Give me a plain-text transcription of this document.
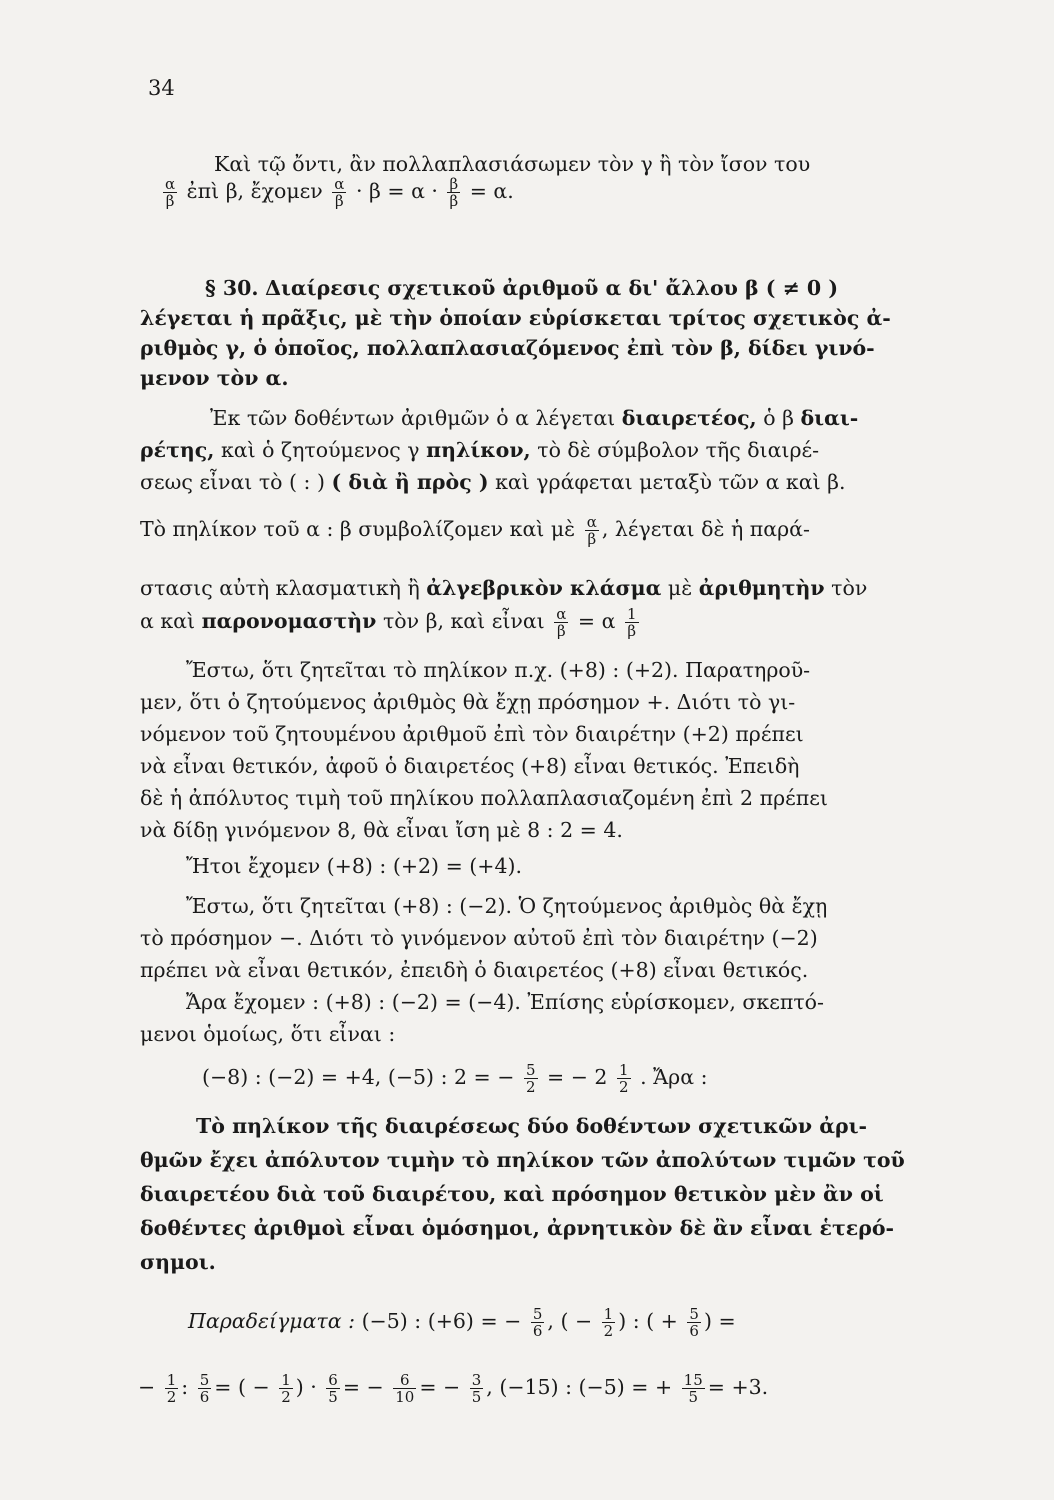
34
Καὶ τῷ ὄντι, ἂν πολλαπλασιάσωμεν τὸν γ ἢ τὸν ἴσον του
$\frac{\alpha}{\beta}$ ἐπὶ β, ἔχομεν $\frac{\alpha}{\beta} \cdot \beta = \alpha \cdot \frac{\beta}{\beta} = \alpha$.
§ 30. Διαίρεσις σχετικοῦ ἀριθμοῦ α δι' ἄλλου β ( ≠ 0 )
λέγεται ἡ πρᾶξις, μὲ τὴν ὁποίαν εὑρίσκεται τρίτος σχετικὸς ἀ-
ριθμὸς γ, ὁ ὁποῖος, πολλαπλασιαζόμενος ἐπὶ τὸν β, δίδει γινό-
μενον τὸν α.
Ἐκ τῶν δοθέντων ἀριθμῶν ὁ α λέγεται διαιρετέος, ὁ β διαι-
ρέτης, καὶ ὁ ζητούμενος γ πηλίκον, τὸ δὲ σύμβολον τῆς διαιρέ-
σεως εἶναι τὸ ( : ) ( διὰ ἢ πρὸς ) καὶ γράφεται μεταξὺ τῶν α καὶ β.
Τὸ πηλίκον τοῦ α : β συμβολίζομεν καὶ μὲ $\frac{\alpha}{\beta}$ , λέγεται δὲ ἡ παρά-
στασις αὐτὴ κλασματικὴ ἢ ἀλγεβρικὸν κλάσμα μὲ ἀριθμητὴν τὸν
α καὶ παρονομαστὴν τὸν β, καὶ εἶναι $\frac{\alpha}{\beta} = \alpha \frac{1}{\beta}$
Ἔστω, ὅτι ζητεῖται τὸ πηλίκον π.χ. (+8) : (+2). Παρατηροῦ-
μεν, ὅτι ὁ ζητούμενος ἀριθμὸς θὰ ἔχῃ πρόσημον +. Διότι τὸ γι-
νόμενον τοῦ ζητουμένου ἀριθμοῦ ἐπὶ τὸν διαιρέτην (+2) πρέπει
νὰ εἶναι θετικόν, ἀφοῦ ὁ διαιρετέος (+8) εἶναι θετικός. Ἐπειδὴ
δὲ ἡ ἀπόλυτος τιμὴ τοῦ πηλίκου πολλαπλασιαζομένη ἐπὶ 2 πρέπει
νὰ δίδῃ γινόμενον 8, θὰ εἶναι ἴση μὲ 8 : 2 = 4.
Ἤτοι ἔχομεν (+8) : (+2) = (+4).
Ἔστω, ὅτι ζητεῖται (+8) : (−2). Ὁ ζητούμενος ἀριθμὸς θὰ ἔχῃ
τὸ πρόσημον −. Διότι τὸ γινόμενον αὐτοῦ ἐπὶ τὸν διαιρέτην (−2)
πρέπει νὰ εἶναι θετικόν, ἐπειδὴ ὁ διαιρετέος (+8) εἶναι θετικός.
Ἄρα ἔχομεν : (+8) : (−2) = (−4). Ἐπίσης εὑρίσκομεν, σκεπτό-
μενοι ὁμοίως, ὅτι εἶναι :
(−8) : (−2) = +4, (−5) : 2 = − $\frac{5}{2}$ = − $2 \frac{1}{2}$ . Ἄρα :
Τὸ πηλίκον τῆς διαιρέσεως δύο δοθέντων σχετικῶν ἀρι-
θμῶν ἔχει ἀπόλυτον τιμὴν τὸ πηλίκον τῶν ἀπολύτων τιμῶν τοῦ
διαιρετέου διὰ τοῦ διαιρέτου, καὶ πρόσημον θετικὸν μὲν ἂν οἱ
δοθέντες ἀριθμοὶ εἶναι ὁμόσημοι, ἀρνητικὸν δὲ ἂν εἶναι ἑτερό-
σημοι.
Παραδείγματα : (−5) : (+6) = − $\frac{5}{6}$ , ( − $\frac{1}{2}$ ) : ( + $\frac{5}{6}$ ) =
− $\frac{1}{2}$ : $\frac{5}{6}$ = ( − $\frac{1}{2}$ ) · $\frac{6}{5}$ = − $\frac{6}{10}$ = − $\frac{3}{5}$ , (−15) : (−5) = + $\frac{15}{5} = +3$.
